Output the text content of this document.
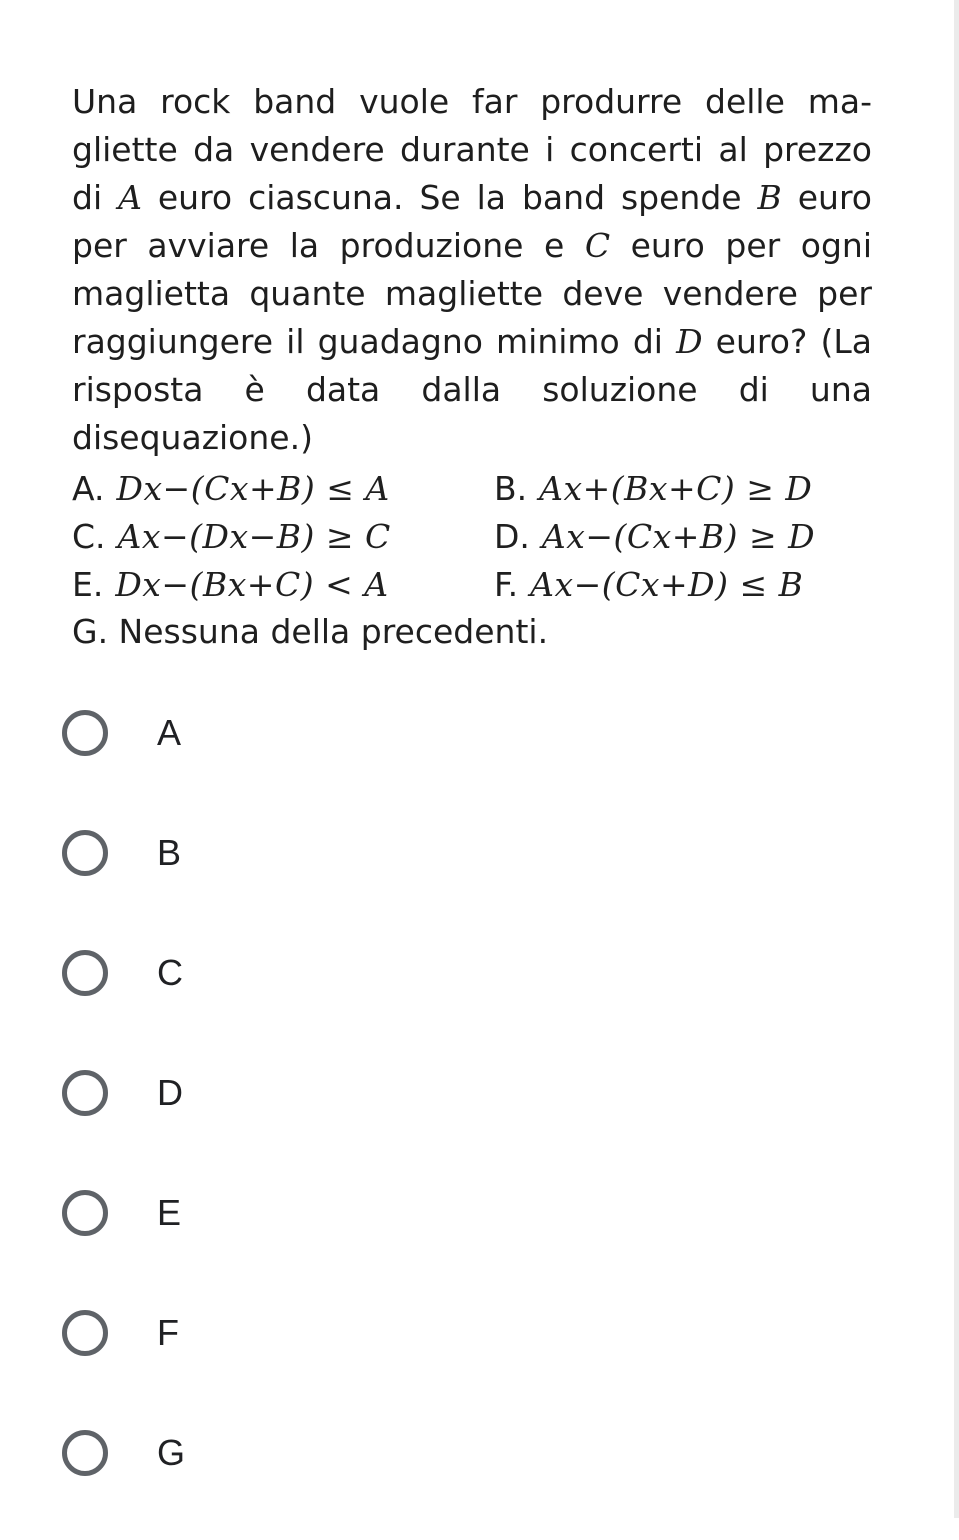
Una rock band vuole far produrre delle ma-gliette da vendere durante i concerti al prezzo di A euro ciascuna. Se la band spende B euro per avviare la produzione e C euro per ogni maglietta quante magliette deve vendere per raggiungere il guadagno minimo di D euro? (La risposta è data dalla soluzione di una disequazione.)

A. Dx−(Cx+B) ≤ A	B. Ax+(Bx+C) ≥ D
C. Ax−(Dx−B) ≥ C	D. Ax−(Cx+B) ≥ D
E. Dx−(Bx+C) < A	F. Ax−(Cx+D) ≤ B
G. Nessuna della precedenti.
A
B
C
D
E
F
G
